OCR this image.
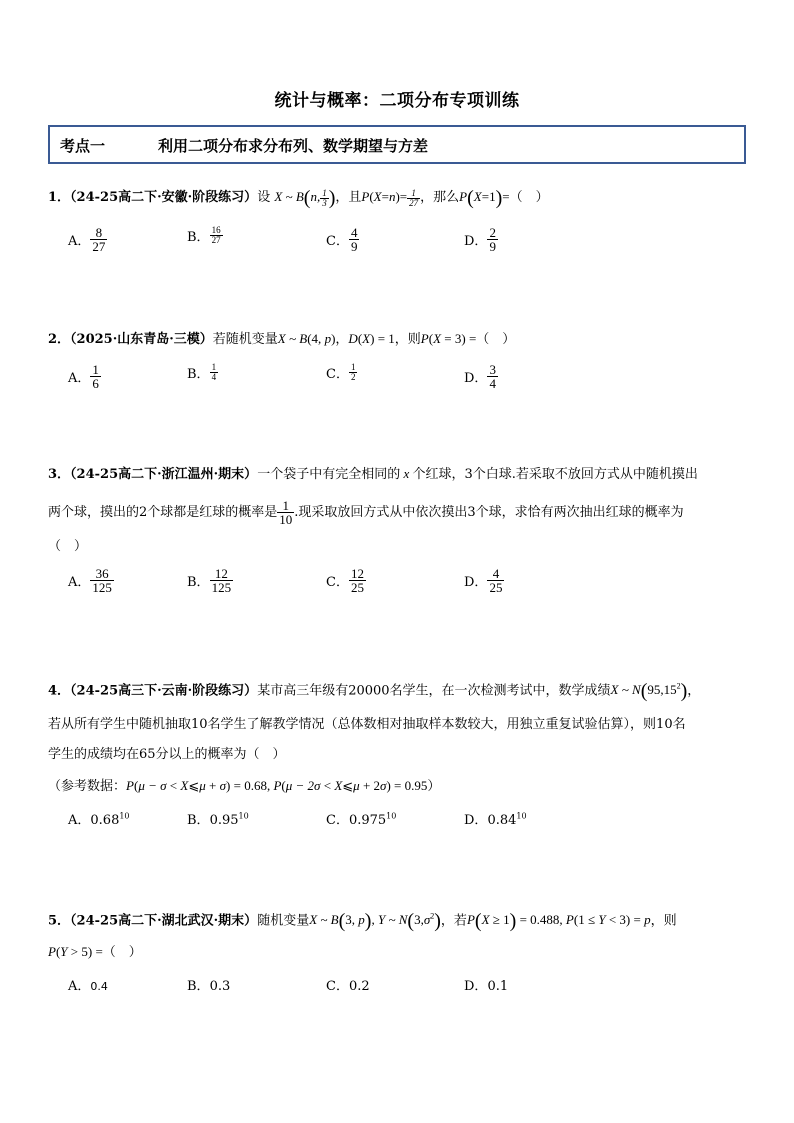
统计与概率：二项分布专项训练
考点一	利用二项分布求分布列、数学期望与方差
1．（24-25高二下·安徽·阶段练习）设 X ~ B(n, $\frac{1}{3}$ )，且$P(X=n)= \frac{1}{27}$ ，那么P(X=1)=（　）
A． $\frac{8}{27}$	B． $\frac{16}{27}$	C． $\frac{4}{9}$	D． $\frac{2}{9}$
2．（2025·山东青岛·三模）若随机变量X ~ B(4, p)，D(X) = 1，则P(X = 3) =（　）
A． $\frac{1}{6}$	B． $\frac{1}{4}$	C． $\frac{1}{2}$	D． $\frac{3}{4}$
3．（24-25高二下·浙江温州·期末）一个袋子中有完全相同的 x 个红球，3个白球.若采取不放回方式从中随机摸出
两个球，摸出的2个球都是红球的概率是 $\frac{1}{10}$ .现采取放回方式从中依次摸出3个球，求恰有两次抽出红球的概率为
（　）
A． $\frac{36}{125}$	B． $\frac{12}{125}$	C． $\frac{12}{25}$	D． $\frac{4}{25}$
4．（24-25高三下·云南·阶段练习）某市高三年级有20000名学生，在一次检测考试中，数学成绩X ~ N(95,15$^2$)，
若从所有学生中随机抽取10名学生了解教学情况（总体数相对抽取样本数较大，用独立重复试验估算），则10名
学生的成绩均在65分以上的概率为（　）
（参考数据：P(μ − σ < X⩽μ + σ) = 0.68, P(μ − 2σ < X⩽μ + 2σ) = 0.95）
A．0.68$^{10}$	B．0.95$^{10}$	C．0.975$^{10}$	D．0.84$^{10}$
5．（24-25高二下·湖北武汉·期末）随机变量X ~ B(3, p), Y ~ $N(3,\sigma^2)$，若P(X ≥ 1) = 0.488, P(1 ≤ Y < 3) = p，则
P(Y > 5) =（　）
A．0.4	B．0.3	C．0.2	D．0.1
